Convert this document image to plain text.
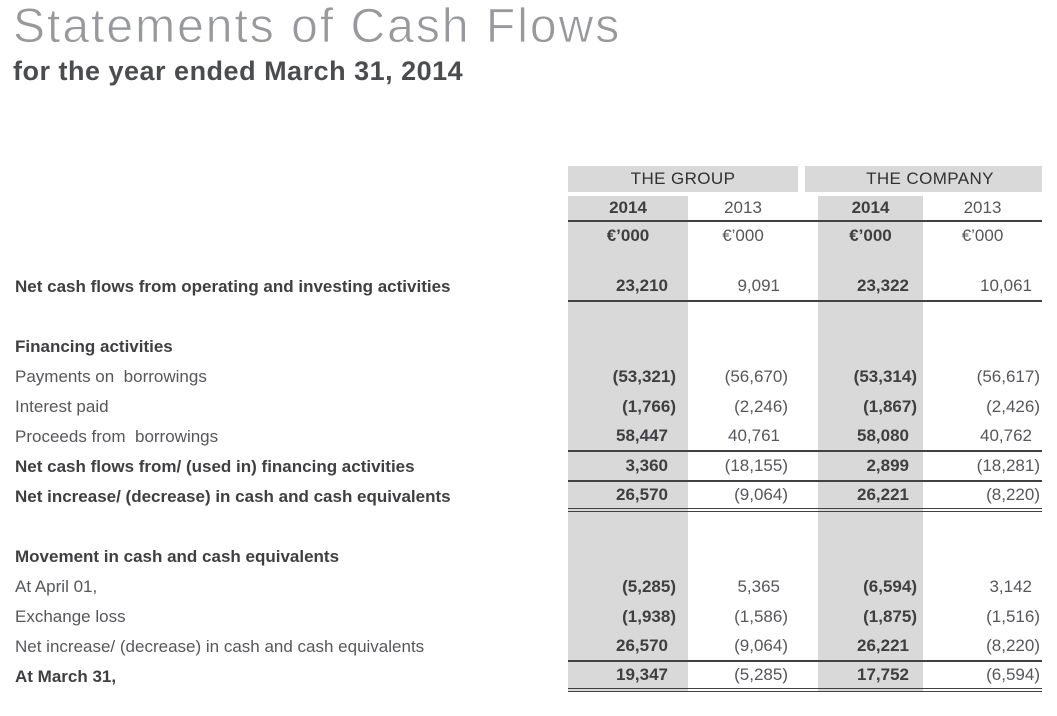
Statements of Cash Flows
for the year ended March 31, 2014
THE GROUP	THE COMPANY
2014	2013	2014	2013
€’000	€’000	€’000	€’000
Net cash flows from operating and investing activities	23,210	9,091	23,322	10,061
Financing activities
Payments on  borrowings	(53,321)	(56,670)	(53,314)	(56,617)
Interest paid	(1,766)	(2,246)	(1,867)	(2,426)
Proceeds from  borrowings	58,447	40,761	58,080	40,762
Net cash flows from/ (used in) financing activities	3,360	(18,155)	2,899	(18,281)
Net increase/ (decrease) in cash and cash equivalents	26,570	(9,064)	26,221	(8,220)
Movement in cash and cash equivalents
At April 01,	(5,285)	5,365	(6,594)	3,142
Exchange loss	(1,938)	(1,586)	(1,875)	(1,516)
Net increase/ (decrease) in cash and cash equivalents	26,570	(9,064)	26,221	(8,220)
At March 31,	19,347	(5,285)	17,752	(6,594)
